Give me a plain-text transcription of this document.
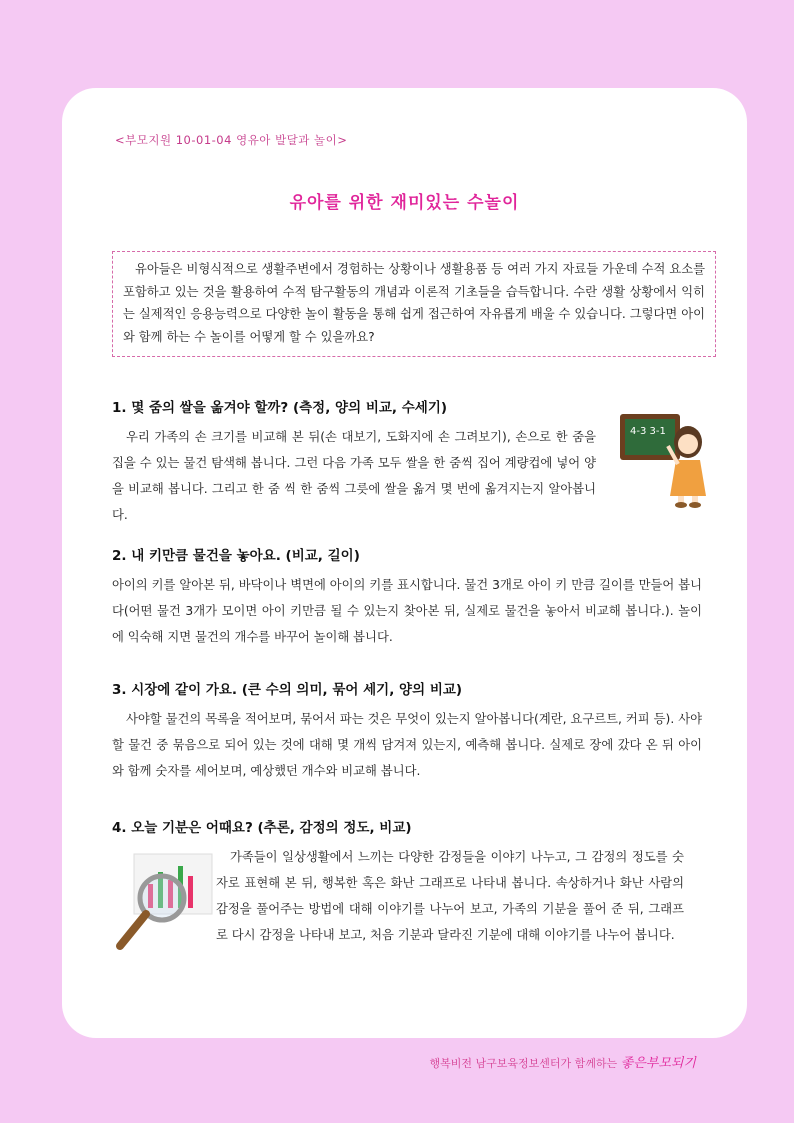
<부모지원 10-01-04 영유아 발달과 놀이>
유아를 위한 재미있는 수놀이

유아들은 비형식적으로 생활주변에서 경험하는 상황이나 생활용품 등 여러 가지 자료들 가운데 수적 요소를 포함하고 있는 것을 활용하여 수적 탐구활동의 개념과 이론적 기초들을 습득합니다. 수란 생활 상황에서 익히는 실제적인 응용능력으로 다양한 놀이 활동을 통해 쉽게 접근하여 자유롭게 배울 수 있습니다. 그렇다면 아이와 함께 하는 수 놀이를 어떻게 할 수 있을까요?

1. 몇 줌의 쌀을 옮겨야 할까? (측정, 양의 비교, 수세기)

우리 가족의 손 크기를 비교해 본 뒤(손 대보기, 도화지에 손 그려보기), 손으로 한 줌을 집을 수 있는 물건 탐색해 봅니다. 그런 다음 가족 모두 쌀을 한 줌씩 집어 계량컵에 넣어 양을 비교해 봅니다. 그리고 한 줌 씩 한 줌씩 그릇에 쌀을 옮겨 몇 번에 옮겨지는지 알아봅니다.

4-3 3-1
2. 내 키만큼 물건을 놓아요. (비교, 길이)

아이의 키를 알아본 뒤, 바닥이나 벽면에 아이의 키를 표시합니다. 물건 3개로 아이 키 만큼 길이를 만들어 봅니다(어떤 물건 3개가 모이면 아이 키만큼 될 수 있는지 찾아본 뒤, 실제로 물건을 놓아서 비교해 봅니다.). 놀이에 익숙해 지면 물건의 개수를 바꾸어 놀이해 봅니다.

3. 시장에 같이 가요. (큰 수의 의미, 묶어 세기, 양의 비교)

사야할 물건의 목록을 적어보며, 묶어서 파는 것은 무엇이 있는지 알아봅니다(계란, 요구르트, 커피 등). 사야할 물건 중 묶음으로 되어 있는 것에 대해 몇 개씩 담겨져 있는지, 예측해 봅니다. 실제로 장에 갔다 온 뒤 아이와 함께 숫자를 세어보며, 예상했던 개수와 비교해 봅니다.

4. 오늘 기분은 어때요? (추론, 감정의 정도, 비교)

가족들이 일상생활에서 느끼는 다양한 감정들을 이야기 나누고, 그 감정의 정도를 숫자로 표현해 본 뒤, 행복한 혹은 화난 그래프로 나타내 봅니다. 속상하거나 화난 사람의 감정을 풀어주는 방법에 대해 이야기를 나누어 보고, 가족의 기분을 풀어 준 뒤, 그래프로 다시 감정을 나타내 보고, 처음 기분과 달라진 기분에 대해 이야기를 나누어 봅니다.

행복비전 남구보육정보센터가 함께하는 좋은부모되기
